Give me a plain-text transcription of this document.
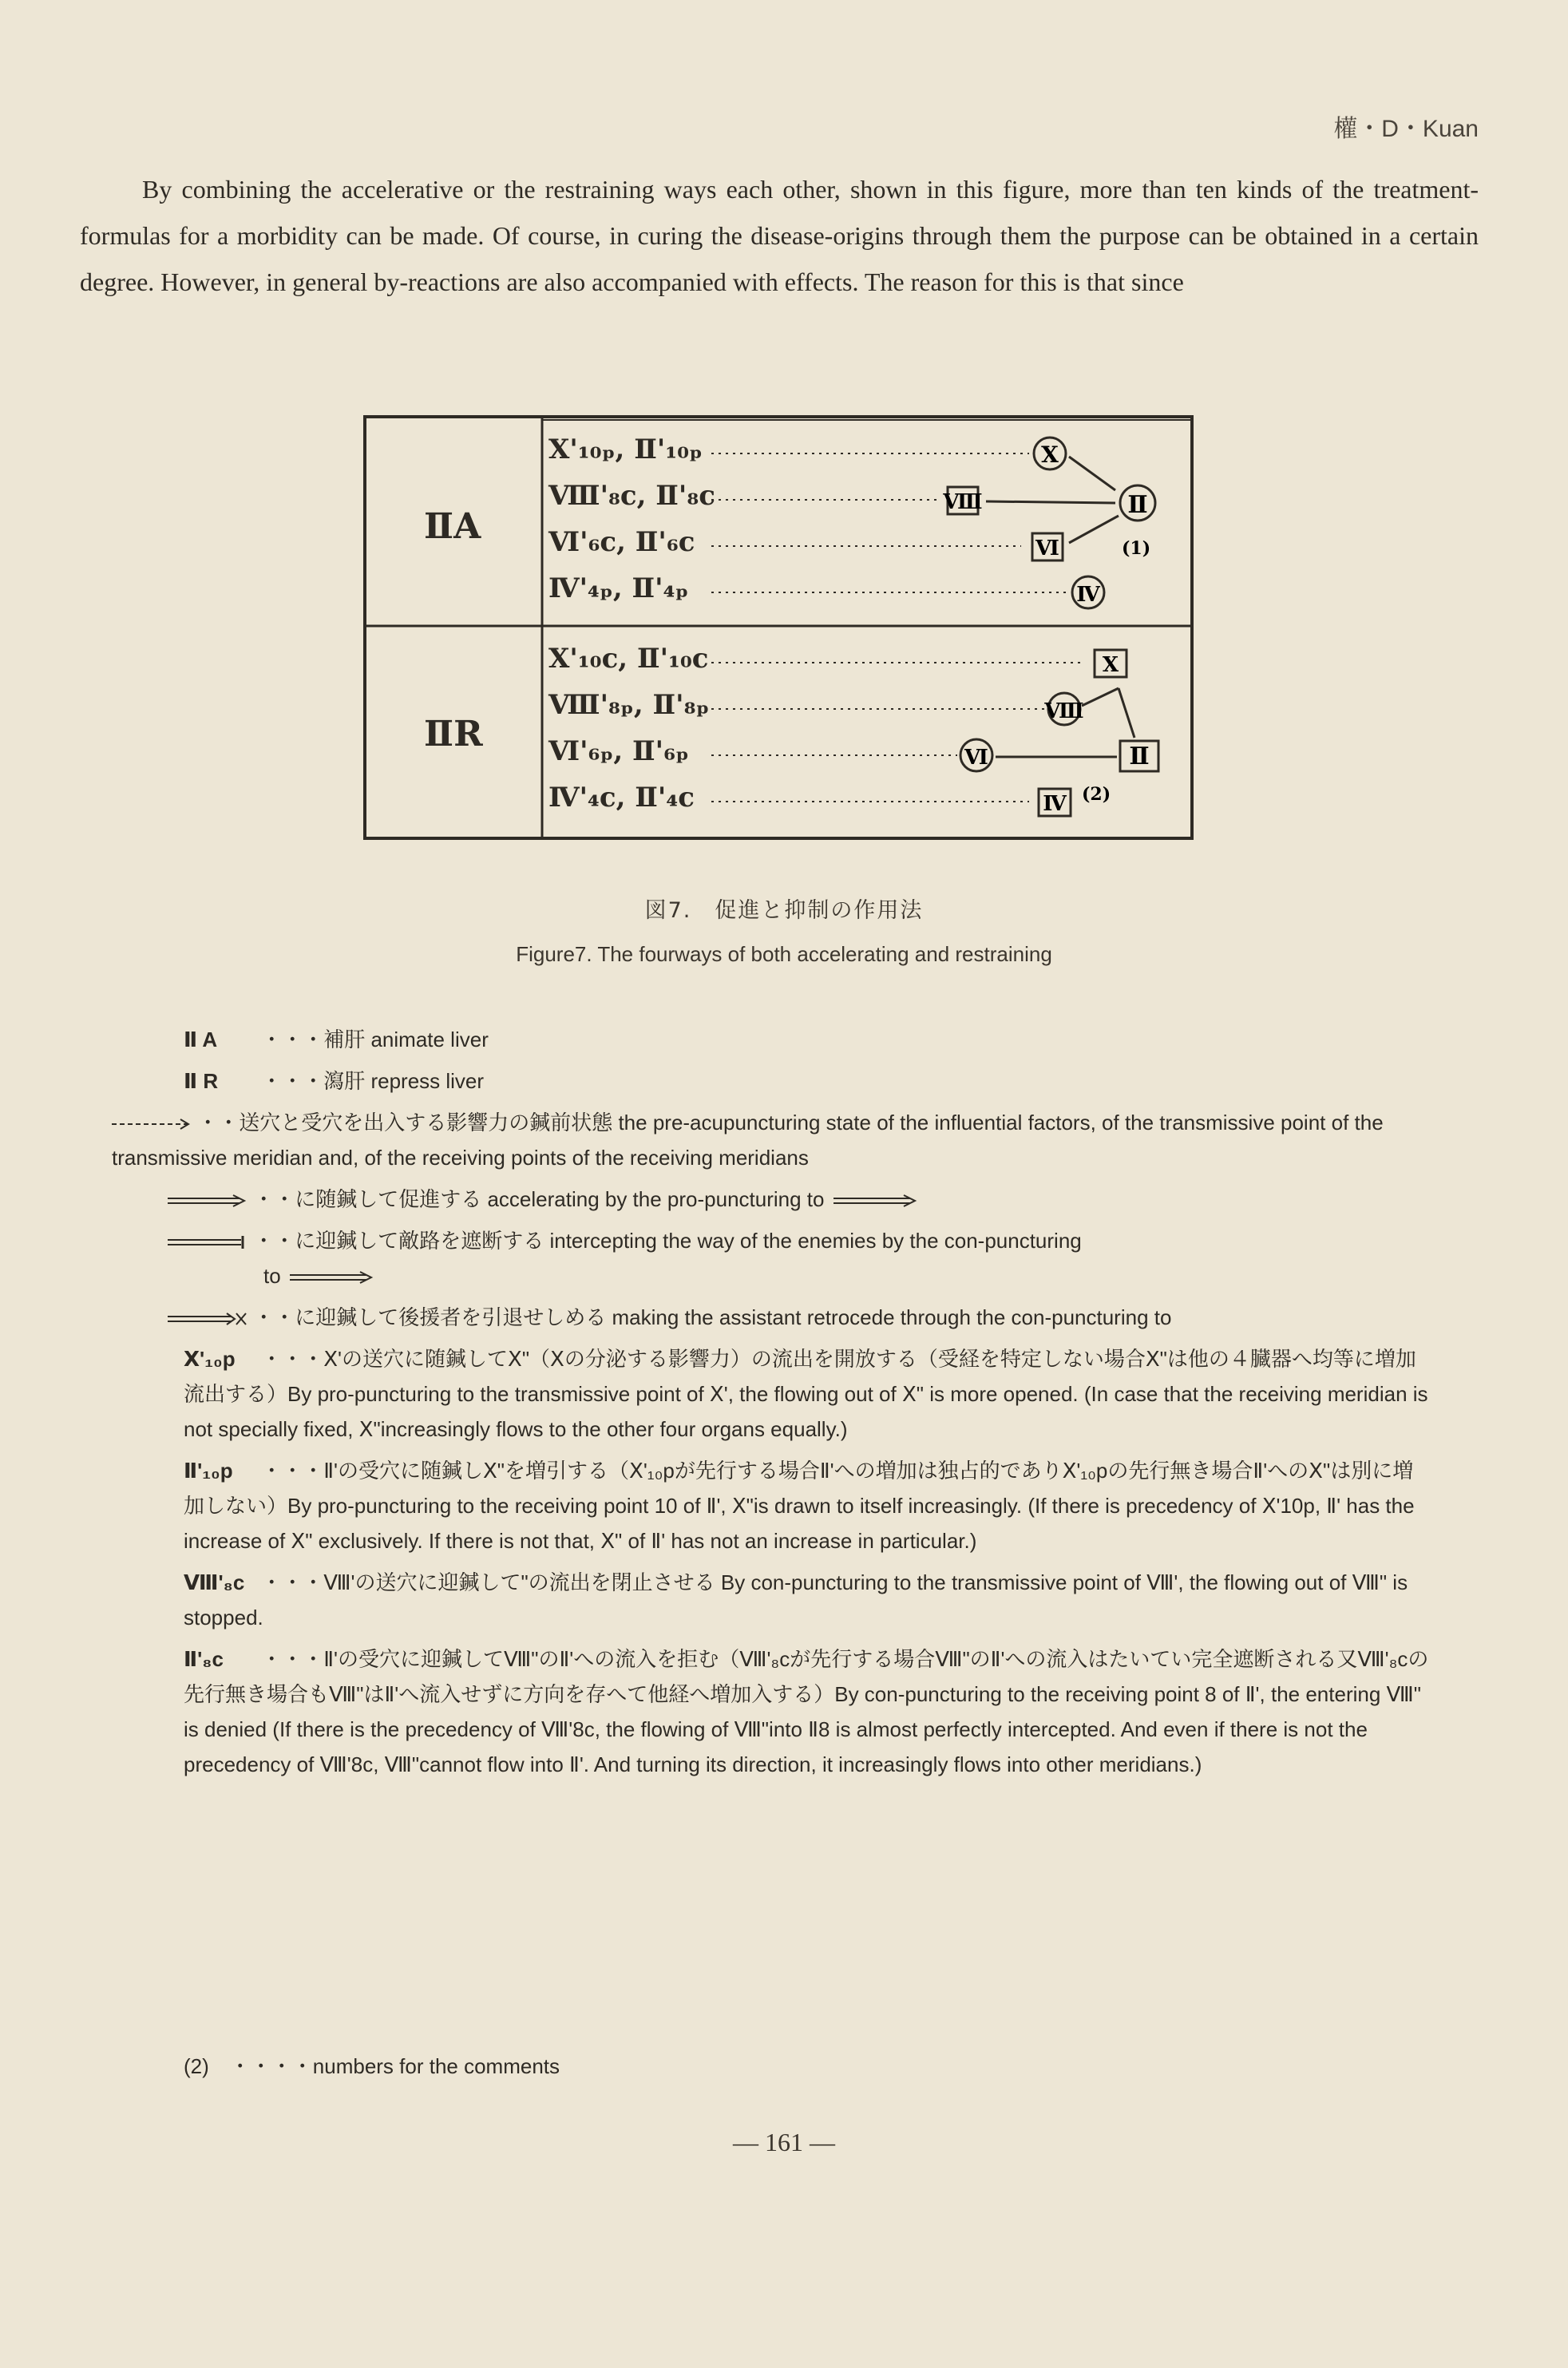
權・D・Kuan
By combining the accelerative or the restraining ways each other, shown in this figure, more than ten kinds of the treatment-formulas for a morbidity can be made. Of course, in curing the disease-origins through them the purpose can be obtained in a certain degree. However, in general by-reactions are also accompanied with effects. The reason for this is that since
ⅡA
ⅡR
Ⅹ'₁₀ₚ, Ⅱ'₁₀ₚ
Ⅷ'₈c, Ⅱ'₈c
Ⅵ'₆c, Ⅱ'₆c
Ⅳ'₄ₚ, Ⅱ'₄ₚ
Ⅹ
Ⅷ
Ⅵ
Ⅳ
Ⅱ
(1)
Ⅹ'₁₀c, Ⅱ'₁₀c
Ⅷ'₈ₚ, Ⅱ'₈ₚ
Ⅵ'₆ₚ, Ⅱ'₆ₚ
Ⅳ'₄c, Ⅱ'₄c
Ⅹ
Ⅷ
Ⅵ
Ⅳ
Ⅱ
(2)
図7.　促進と抑制の作用法
Figure7. The fourways of both accelerating and restraining
Ⅱ A ・・・補肝 animate liver
Ⅱ R ・・・瀉肝 repress liver
・・送穴と受穴を出入する影響力の鍼前状態 the pre-acupuncturing state of the influential factors, of the transmissive point of the transmissive meridian and, of the receiving points of the receiving meridians
・・に随鍼して促進する accelerating by the pro-puncturing to
・・に迎鍼して敵路を遮断する intercepting the way of the enemies by the con-puncturing
to
・・に迎鍼して後援者を引退せしめる making the assistant retrocede through the con-puncturing to
Ⅹ'₁₀p ・・・Ⅹ'の送穴に随鍼してⅩ"（Ⅹの分泌する影響力）の流出を開放する（受経を特定しない場合Ⅹ"は他の４臓器へ均等に増加流出する）By pro-puncturing to the transmissive point of Ⅹ', the flowing out of Ⅹ" is more opened. (In case that the receiving meridian is not specially fixed, Ⅹ"increasingly flows to the other four organs equally.)
Ⅱ'₁₀p ・・・Ⅱ'の受穴に随鍼しⅩ"を増引する（Ⅹ'₁₀pが先行する場合Ⅱ'への増加は独占的でありⅩ'₁₀pの先行無き場合Ⅱ'へのⅩ"は別に増加しない）By pro-puncturing to the receiving point 10 of Ⅱ', Ⅹ"is drawn to itself increasingly. (If there is precedency of Ⅹ'10p, Ⅱ' has the increase of Ⅹ" exclusively. If there is not that, Ⅹ" of Ⅱ' has not an increase in particular.)
Ⅷ'₈c ・・・Ⅷ'の送穴に迎鍼して"の流出を閉止させる By con-puncturing to the transmissive point of Ⅷ', the flowing out of Ⅷ" is stopped.
Ⅱ'₈c ・・・Ⅱ'の受穴に迎鍼してⅧ"のⅡ'への流入を拒む（Ⅷ'₈cが先行する場合Ⅷ"のⅡ'への流入はたいてい完全遮断される又Ⅷ'₈cの先行無き場合もⅧ"はⅡ'へ流入せずに方向を存へて他経へ増加入する）By con-puncturing to the receiving point 8 of Ⅱ', the entering Ⅷ" is denied (If there is the precedency of Ⅷ'8c, the flowing of Ⅷ"into Ⅱ8 is almost perfectly intercepted. And even if there is not the precedency of Ⅷ'8c, Ⅷ"cannot flow into Ⅱ'. And turning its direction, it increasingly flows into other meridians.)
(2)　・・・・numbers for the comments
— 161 —
